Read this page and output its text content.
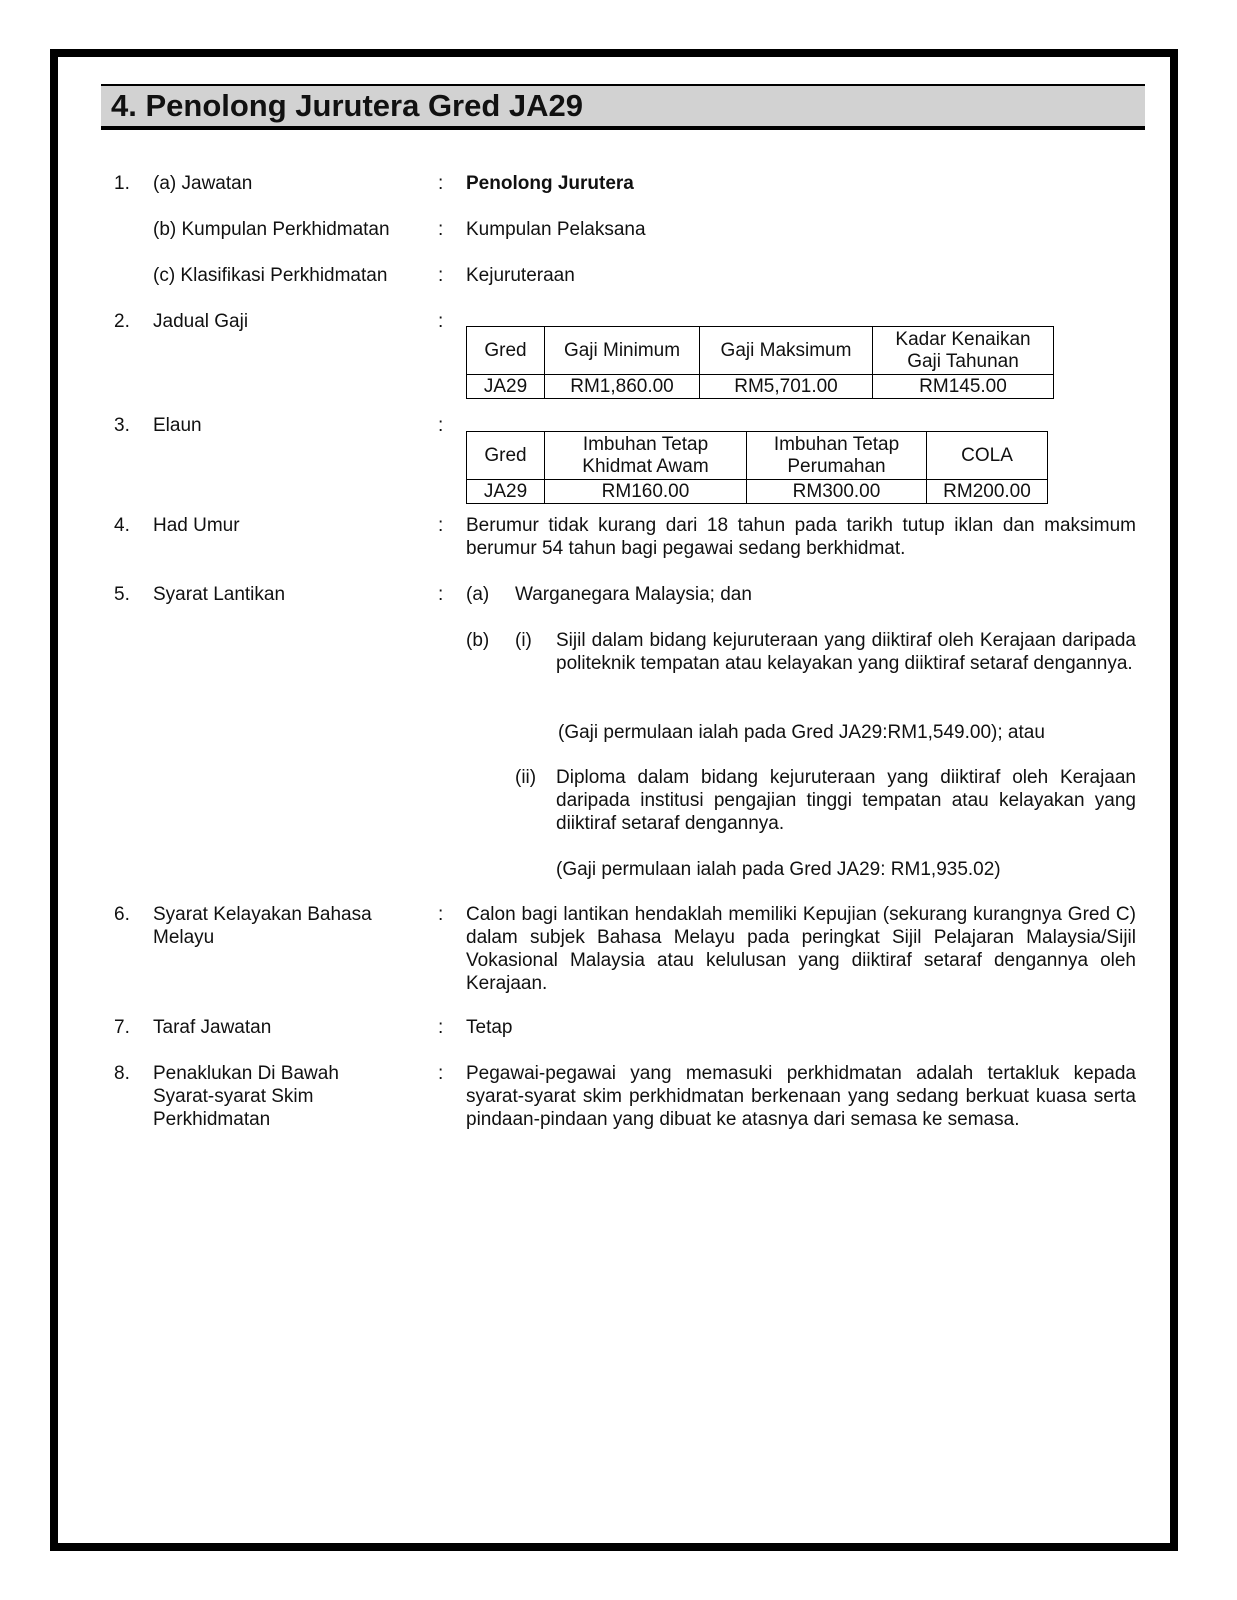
4. Penolong Jurutera Gred JA29
1. (a) Jawatan	: Penolong Jurutera
(b) Kumpulan Perkhidmatan	: Kumpulan Pelaksana
(c) Klasifikasi Perkhidmatan	: Kejuruteraan
2. Jadual Gaji	:
Gred	Gaji Minimum	Gaji Maksimum	Kadar Kenaikan Gaji Tahunan
JA29	RM1,860.00	RM5,701.00	RM145.00
3. Elaun	:
Gred	Imbuhan Tetap Khidmat Awam	Imbuhan Tetap Perumahan	COLA
JA29	RM160.00	RM300.00	RM200.00
4. Had Umur	: Berumur tidak kurang dari 18 tahun pada tarikh tutup iklan dan maksimum berumur 54 tahun bagi pegawai sedang berkhidmat.
5. Syarat Lantikan	: (a) Warganegara Malaysia; dan
(b) (i) Sijil dalam bidang kejuruteraan yang diiktiraf oleh Kerajaan daripada politeknik tempatan atau kelayakan yang diiktiraf setaraf dengannya.
(Gaji permulaan ialah pada Gred JA29:RM1,549.00); atau
(ii) Diploma dalam bidang kejuruteraan yang diiktiraf oleh Kerajaan daripada institusi pengajian tinggi tempatan atau kelayakan yang diiktiraf setaraf dengannya.
(Gaji permulaan ialah pada Gred JA29: RM1,935.02)
6. Syarat Kelayakan Bahasa
Melayu
: Calon bagi lantikan hendaklah memiliki Kepujian (sekurang kurangnya Gred C) dalam subjek Bahasa Melayu pada peringkat Sijil Pelajaran Malaysia/Sijil Vokasional Malaysia atau kelulusan yang diiktiraf setaraf dengannya oleh Kerajaan.
7. Taraf Jawatan	: Tetap
8. Penaklukan Di Bawah
Syarat-syarat Skim
Perkhidmatan
: Pegawai-pegawai yang memasuki perkhidmatan adalah tertakluk kepada syarat-syarat skim perkhidmatan berkenaan yang sedang berkuat kuasa serta pindaan-pindaan yang dibuat ke atasnya dari semasa ke semasa.
